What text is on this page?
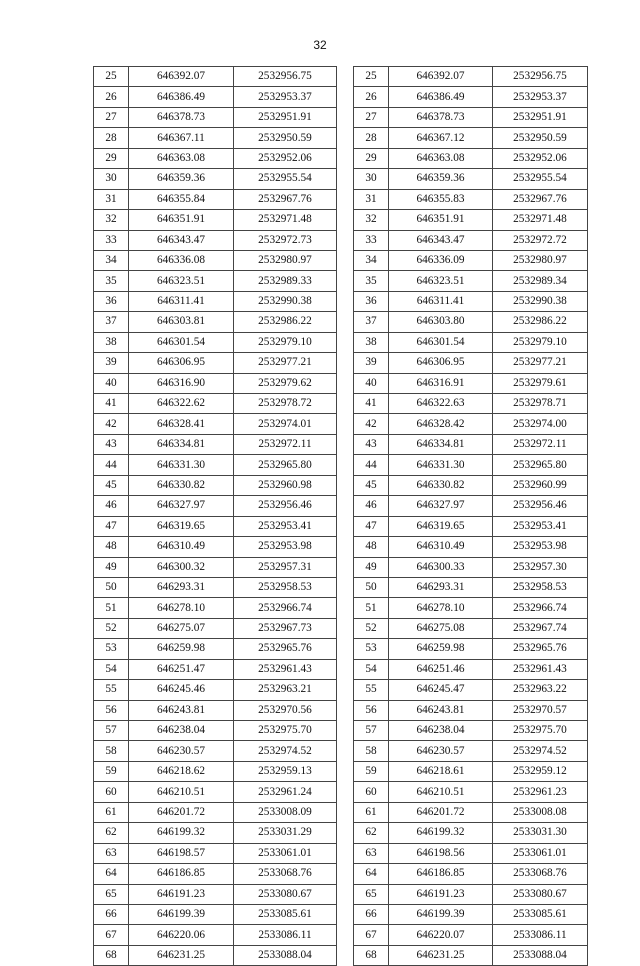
32
25	646392.07	2532956.75
26	646386.49	2532953.37
27	646378.73	2532951.91
28	646367.11	2532950.59
29	646363.08	2532952.06
30	646359.36	2532955.54
31	646355.84	2532967.76
32	646351.91	2532971.48
33	646343.47	2532972.73
34	646336.08	2532980.97
35	646323.51	2532989.33
36	646311.41	2532990.38
37	646303.81	2532986.22
38	646301.54	2532979.10
39	646306.95	2532977.21
40	646316.90	2532979.62
41	646322.62	2532978.72
42	646328.41	2532974.01
43	646334.81	2532972.11
44	646331.30	2532965.80
45	646330.82	2532960.98
46	646327.97	2532956.46
47	646319.65	2532953.41
48	646310.49	2532953.98
49	646300.32	2532957.31
50	646293.31	2532958.53
51	646278.10	2532966.74
52	646275.07	2532967.73
53	646259.98	2532965.76
54	646251.47	2532961.43
55	646245.46	2532963.21
56	646243.81	2532970.56
57	646238.04	2532975.70
58	646230.57	2532974.52
59	646218.62	2532959.13
60	646210.51	2532961.24
61	646201.72	2533008.09
62	646199.32	2533031.29
63	646198.57	2533061.01
64	646186.85	2533068.76
65	646191.23	2533080.67
66	646199.39	2533085.61
67	646220.06	2533086.11
68	646231.25	2533088.04
25	646392.07	2532956.75
26	646386.49	2532953.37
27	646378.73	2532951.91
28	646367.12	2532950.59
29	646363.08	2532952.06
30	646359.36	2532955.54
31	646355.83	2532967.76
32	646351.91	2532971.48
33	646343.47	2532972.72
34	646336.09	2532980.97
35	646323.51	2532989.34
36	646311.41	2532990.38
37	646303.80	2532986.22
38	646301.54	2532979.10
39	646306.95	2532977.21
40	646316.91	2532979.61
41	646322.63	2532978.71
42	646328.42	2532974.00
43	646334.81	2532972.11
44	646331.30	2532965.80
45	646330.82	2532960.99
46	646327.97	2532956.46
47	646319.65	2532953.41
48	646310.49	2532953.98
49	646300.33	2532957.30
50	646293.31	2532958.53
51	646278.10	2532966.74
52	646275.08	2532967.74
53	646259.98	2532965.76
54	646251.46	2532961.43
55	646245.47	2532963.22
56	646243.81	2532970.57
57	646238.04	2532975.70
58	646230.57	2532974.52
59	646218.61	2532959.12
60	646210.51	2532961.23
61	646201.72	2533008.08
62	646199.32	2533031.30
63	646198.56	2533061.01
64	646186.85	2533068.76
65	646191.23	2533080.67
66	646199.39	2533085.61
67	646220.07	2533086.11
68	646231.25	2533088.04
